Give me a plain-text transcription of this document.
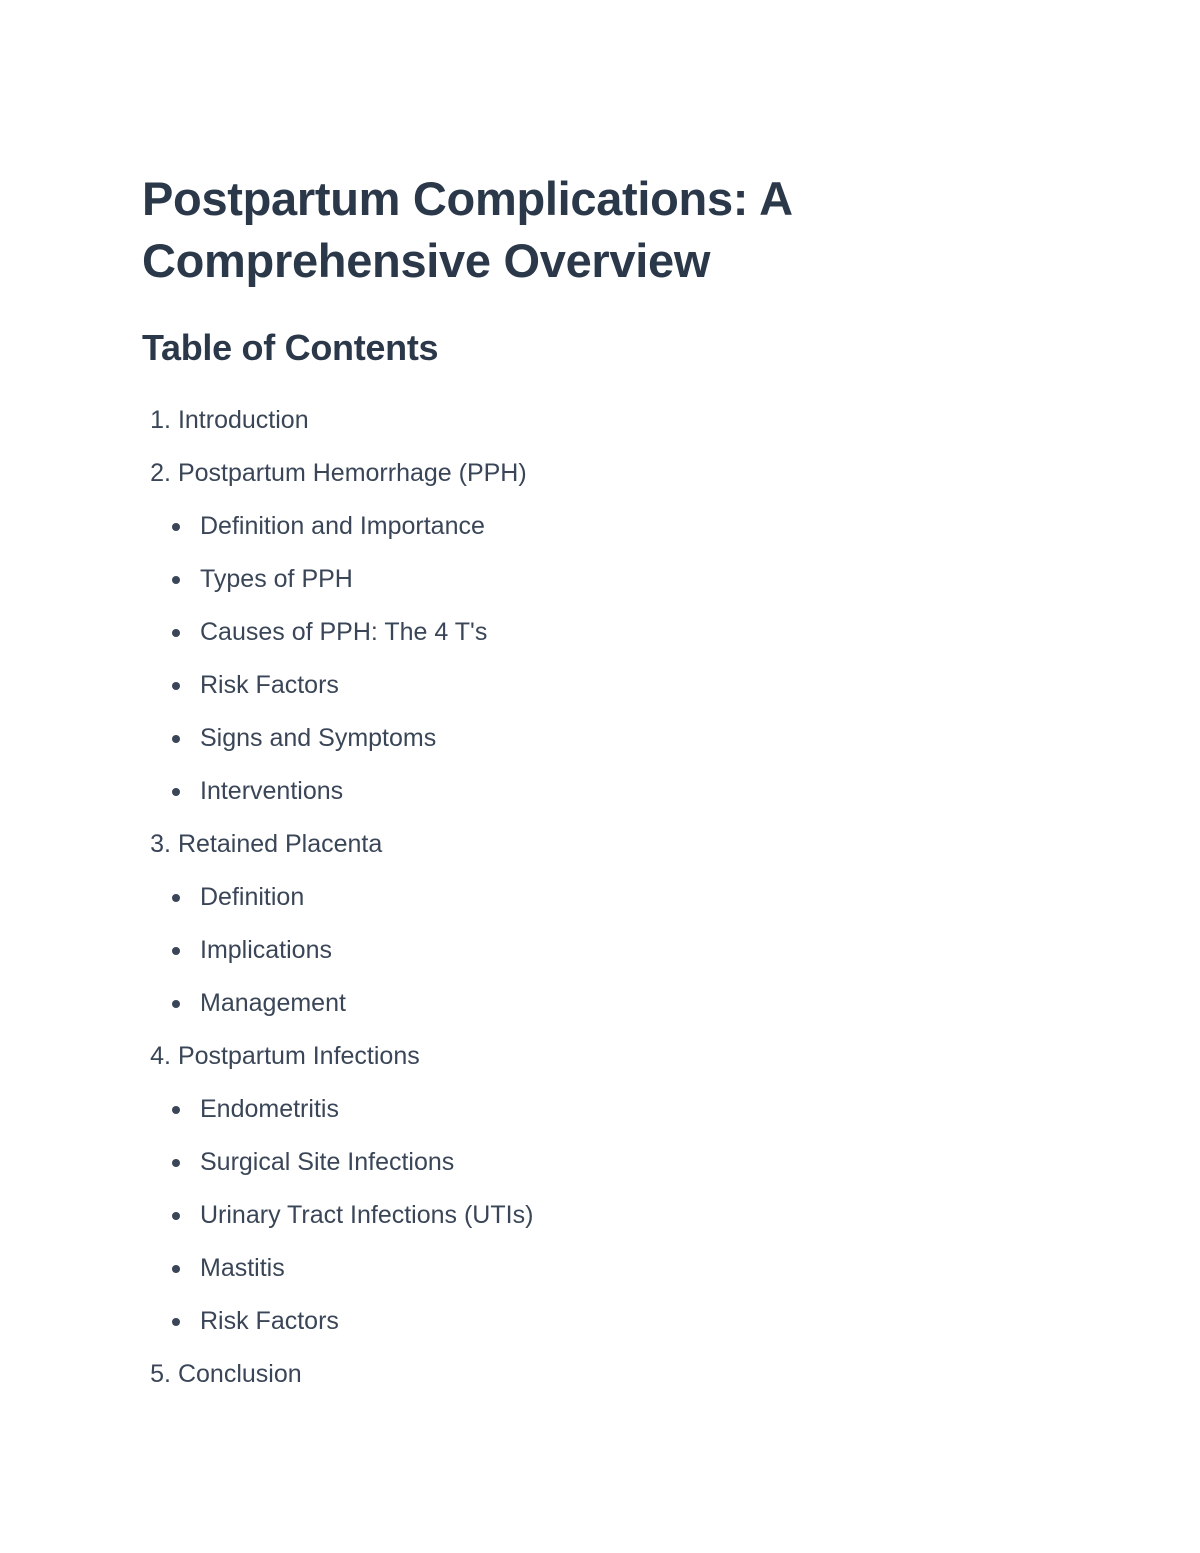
Postpartum Complications: A Comprehensive Overview
Table of Contents
1.
Introduction
2.
Postpartum Hemorrhage (PPH)
Definition and Importance
Types of PPH
Causes of PPH: The 4 T's
Risk Factors
Signs and Symptoms
Interventions
3.
Retained Placenta
Definition
Implications
Management
4.
Postpartum Infections
Endometritis
Surgical Site Infections
Urinary Tract Infections (UTIs)
Mastitis
Risk Factors
5.
Conclusion
